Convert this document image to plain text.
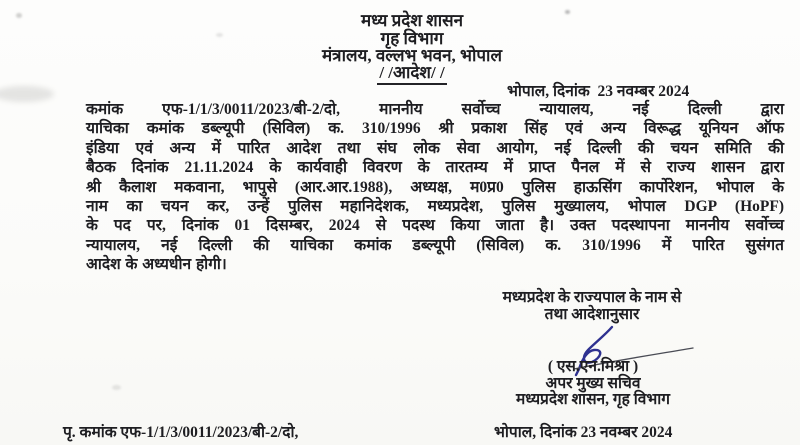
मध्य प्रदेश शासन
गृह विभाग
मंत्रालय, वल्लभ भवन, भोपाल
/ /आदेश/ /
भोपाल, दिनांक  23 नवम्बर 2024
कमांक एफ-1/1/3/0011/2023/बी-2/दो, माननीय सर्वोच्च न्यायालय, नई दिल्ली द्वारा
याचिका कमांक डब्ल्यूपी (सिविल) क. 310/1996 श्री प्रकाश सिंह एवं अन्य विरूद्ध यूनियन ऑफ
इंडिया एवं अन्य में पारित आदेश तथा संघ लोक सेवा आयोग, नई दिल्ली की चयन समिति की
बैठक दिनांक 21.11.2024 के कार्यवाही विवरण के तारतम्य में प्राप्त पैनल में से राज्य शासन द्वारा
श्री कैलाश मकवाना, भापुसे (आर.आर.1988), अध्यक्ष, म0प्र0 पुलिस हाऊसिंग कार्पोरेशन, भोपाल के
नाम का चयन कर, उन्हें पुलिस महानिदेशक, मध्यप्रदेश, पुलिस मुख्यालय, भोपाल DGP (HoPF)
के पद पर, दिनांक 01 दिसम्बर, 2024 से पदस्थ किया जाता है। उक्त पदस्थापना माननीय सर्वोच्च
न्यायालय, नई दिल्ली की याचिका कमांक डब्ल्यूपी (सिविल) क. 310/1996 में पारित सुसंगत
आदेश के अध्यधीन होगी।
मध्यप्रदेश के राज्यपाल के नाम से
तथा आदेशानुसार
( एस.एन.मिश्रा )
अपर मुख्य सचिव
मध्यप्रदेश शासन, गृह विभाग
पृ. कमांक एफ-1/1/3/0011/2023/बी-2/दो,	भोपाल, दिनांक 23 नवम्बर 2024
